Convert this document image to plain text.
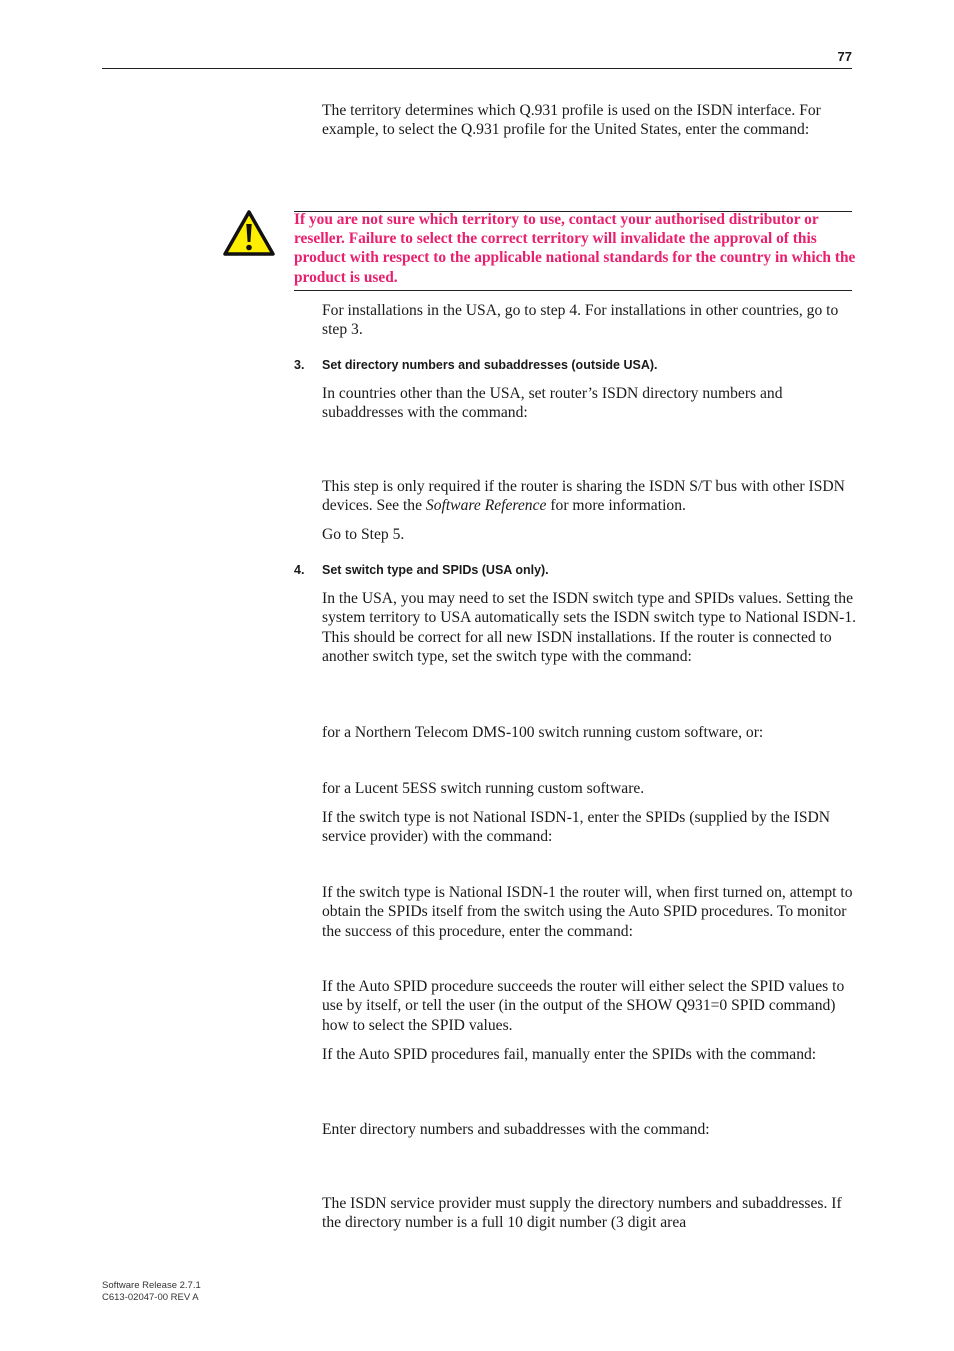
77

The territory determines which Q.931 profile is used on the ISDN interface. For example, to select the Q.931 profile for the United States, enter the command:

If you are not sure which territory to use, contact your authorised distributor or reseller. Failure to select the correct territory will invalidate the approval of this product with respect to the applicable national standards for the country in which the product is used.

For installations in the USA, go to step 4. For installations in other countries, go to step 3.

3. Set directory numbers and subaddresses (outside USA).

In countries other than the USA, set router’s ISDN directory numbers and subaddresses with the command:

This step is only required if the router is sharing the ISDN S/T bus with other ISDN devices. See the Software Reference for more information.

Go to Step 5.

4. Set switch type and SPIDs (USA only).

In the USA, you may need to set the ISDN switch type and SPIDs values. Setting the system territory to USA automatically sets the ISDN switch type to National ISDN-1. This should be correct for all new ISDN installations. If the router is connected to another switch type, set the switch type with the command:

for a Northern Telecom DMS-100 switch running custom software, or:

for a Lucent 5ESS switch running custom software.

If the switch type is not National ISDN-1, enter the SPIDs (supplied by the ISDN service provider) with the command:

If the switch type is National ISDN-1 the router will, when first turned on, attempt to obtain the SPIDs itself from the switch using the Auto SPID procedures. To monitor the success of this procedure, enter the command:

If the Auto SPID procedure succeeds the router will either select the SPID values to use by itself, or tell the user (in the output of the SHOW Q931=0 SPID command) how to select the SPID values.

If the Auto SPID procedures fail, manually enter the SPIDs with the command:

Enter directory numbers and subaddresses with the command:

The ISDN service provider must supply the directory numbers and subaddresses. If the directory number is a full 10 digit number (3 digit area

Software Release 2.7.1
C613-02047-00 REV A
